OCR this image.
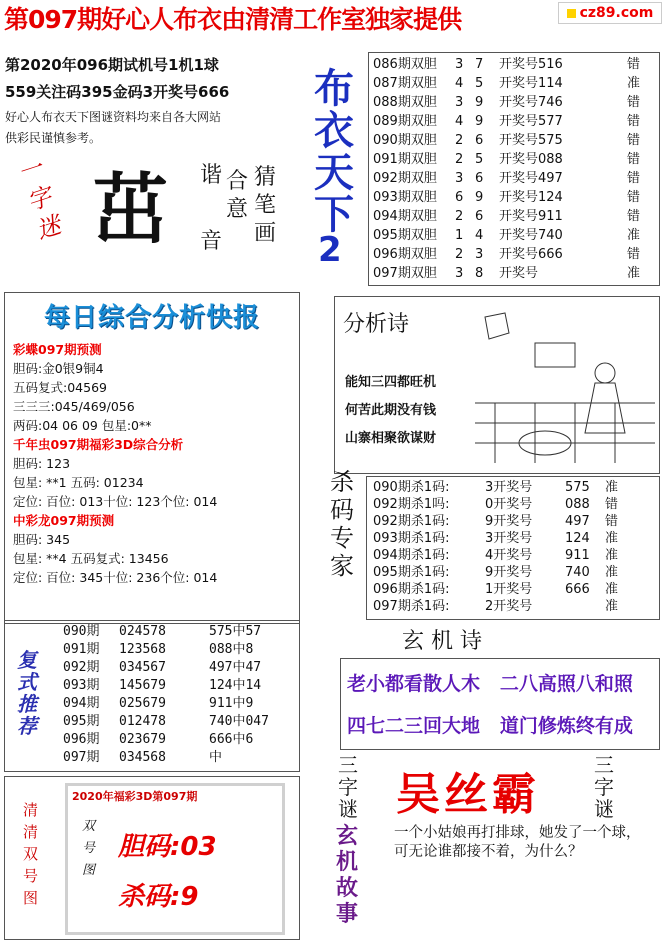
cz89.com
第097期好心人布衣由清清工作室独家提供
第2020年096期试机号1机1球
559关注码395金码3开奖号666
好心人布衣天下图谜资料均来自各大网站
供彩民谨慎参考。
一字迷 茁	猜
笔
画
合
意
谐
音
布衣天下
2
086期双胆	3 7	开奖号516	错
087期双胆	4 5	开奖号114	准
088期双胆	3 9	开奖号746	错
089期双胆	4 9	开奖号577	错
090期双胆	2 6	开奖号575	错
091期双胆	2 5	开奖号088	错
092期双胆	3 6	开奖号497	错
093期双胆	6 9	开奖号124	错
094期双胆	2 6	开奖号911	错
095期双胆	1 4	开奖号740	准
096期双胆	2 3	开奖号666	错
097期双胆	3 8	开奖号	准
每日综合分析快报
彩蝶097期预测
胆码:金0银9铜4
五码复式:04569
三三三:045/469/056
两码:04 06 09 包星:0**
千年虫097期福彩3D综合分析
胆码: 123
包星: **1 五码: 01234
定位: 百位: 013十位: 123个位: 014
中彩龙097期预测
胆码: 345
包星: **4 五码复式: 13456
定位: 百位: 345十位: 236个位: 014
分析诗
能知三四都旺机
何苦此期没有钱
山寨相聚欲谋财
杀码专家
090期杀1码:	3开奖号	575	准
092期杀1吗:	0开奖号	088	错
092期杀1码:	9开奖号	497	错
093期杀1码:	3开奖号	124	准
094期杀1码:	4开奖号	911	准
095期杀1码:	9开奖号	740	准
096期杀1码:	1开奖号	666	准
097期杀1码:	2开奖号	准
复式推荐
090期	024578	575中57
091期	123568	088中8
092期	034567	497中47
093期	145679	124中14
094期	025679	911中9
095期	012478	740中047
096期	023679	666中6
097期	034568	中
玄 机 诗
老小都看散人木   二八高照八和照
四七二三回大地   道门修炼终有成
清清双号图
2020年福彩3D第097期
双号图
胆码:03
杀码:9
三字谜
三字谜
吴丝霸
玄机故事
一个小姑娘再打排球，她发了一个球，可无论谁都接不着，为什么？
